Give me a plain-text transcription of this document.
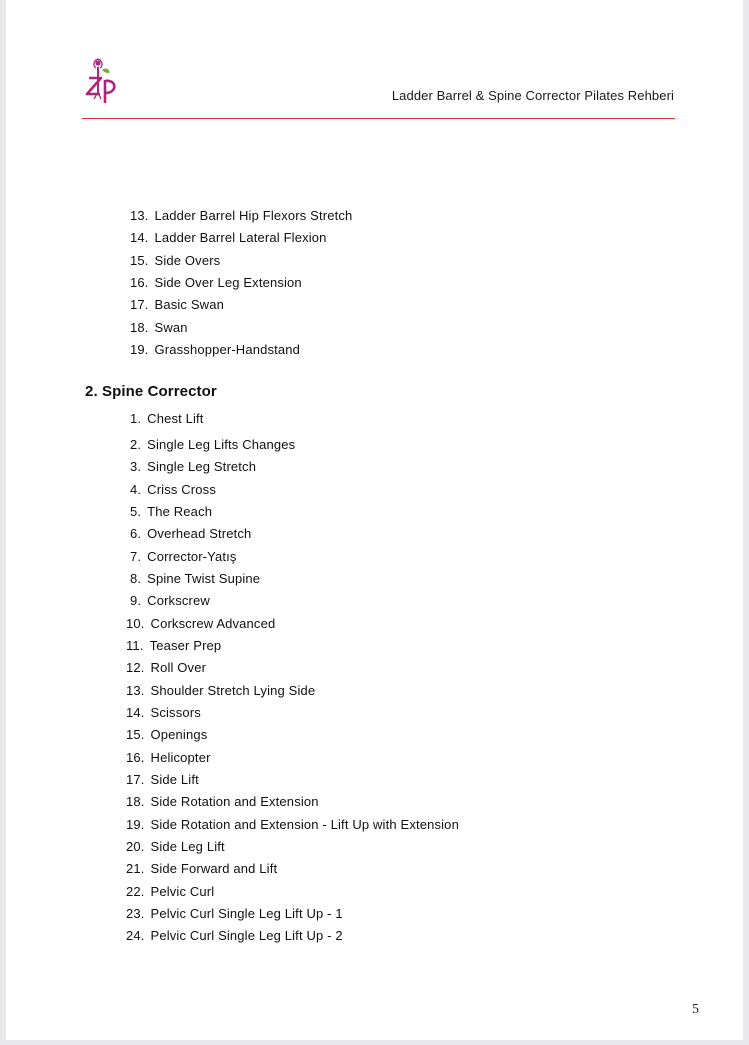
Ladder Barrel & Spine Corrector Pilates Rehberi
13. Ladder Barrel Hip Flexors Stretch
14. Ladder Barrel Lateral Flexion
15. Side Overs
16. Side Over Leg Extension
17. Basic Swan
18. Swan
19. Grasshopper-Handstand
2. Spine Corrector
1. Chest Lift
2. Single Leg Lifts Changes
3. Single Leg Stretch
4. Criss Cross
5. The Reach
6. Overhead Stretch
7. Corrector-Yatış
8. Spine Twist Supine
9. Corkscrew
10. Corkscrew Advanced
11. Teaser Prep
12. Roll Over
13. Shoulder Stretch Lying Side
14. Scissors
15. Openings
16. Helicopter
17. Side Lift
18. Side Rotation and Extension
19. Side Rotation and Extension - Lift Up with Extension
20. Side Leg Lift
21. Side Forward and Lift
22. Pelvic Curl
23. Pelvic Curl Single Leg Lift Up - 1
24. Pelvic Curl Single Leg Lift Up - 2
5
